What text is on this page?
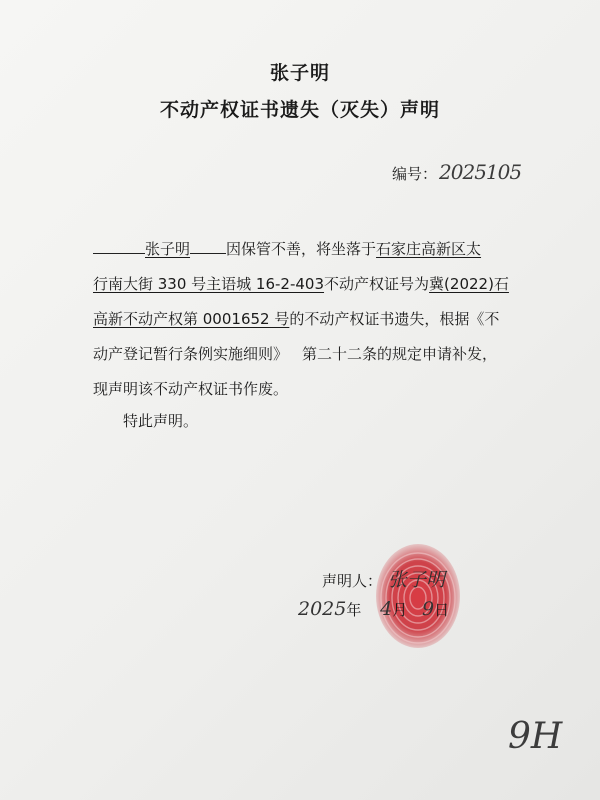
张子明
不动产权证书遗失（灭失）声明
编号： 2025105
张子明 因保管不善，将坐落于石家庄高新区太
行南大街 330 号主语城 16-2-403不动产权证号为冀(2022)石
高新不动产权第 0001652 号的不动产权证书遗失，根据《不
动产登记暂行条例实施细则》 第二十二条的规定申请补发，
现声明该不动产权证书作废。
特此声明。
声明人： 张子明
2025年 4月 9日
9H
